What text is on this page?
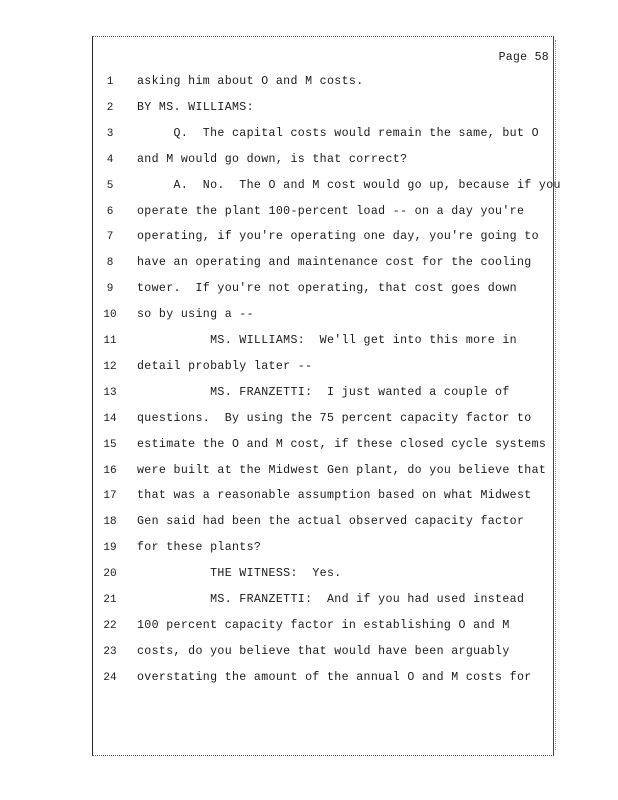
Page 58
1	asking him about O and M costs.
2	BY MS. WILLIAMS:
3	Q.  The capital costs would remain the same, but O
4	and M would go down, is that correct?
5	A.  No.  The O and M cost would go up, because if you
6	operate the plant 100-percent load -- on a day you're
7	operating, if you're operating one day, you're going to
8	have an operating and maintenance cost for the cooling
9	tower.  If you're not operating, that cost goes down
10	so by using a --
11	MS. WILLIAMS:  We'll get into this more in
12	detail probably later --
13	MS. FRANZETTI:  I just wanted a couple of
14	questions.  By using the 75 percent capacity factor to
15	estimate the O and M cost, if these closed cycle systems
16	were built at the Midwest Gen plant, do you believe that
17	that was a reasonable assumption based on what Midwest
18	Gen said had been the actual observed capacity factor
19	for these plants?
20	THE WITNESS:  Yes.
21	MS. FRANZETTI:  And if you had used instead
22	100 percent capacity factor in establishing O and M
23	costs, do you believe that would have been arguably
24	overstating the amount of the annual O and M costs for
